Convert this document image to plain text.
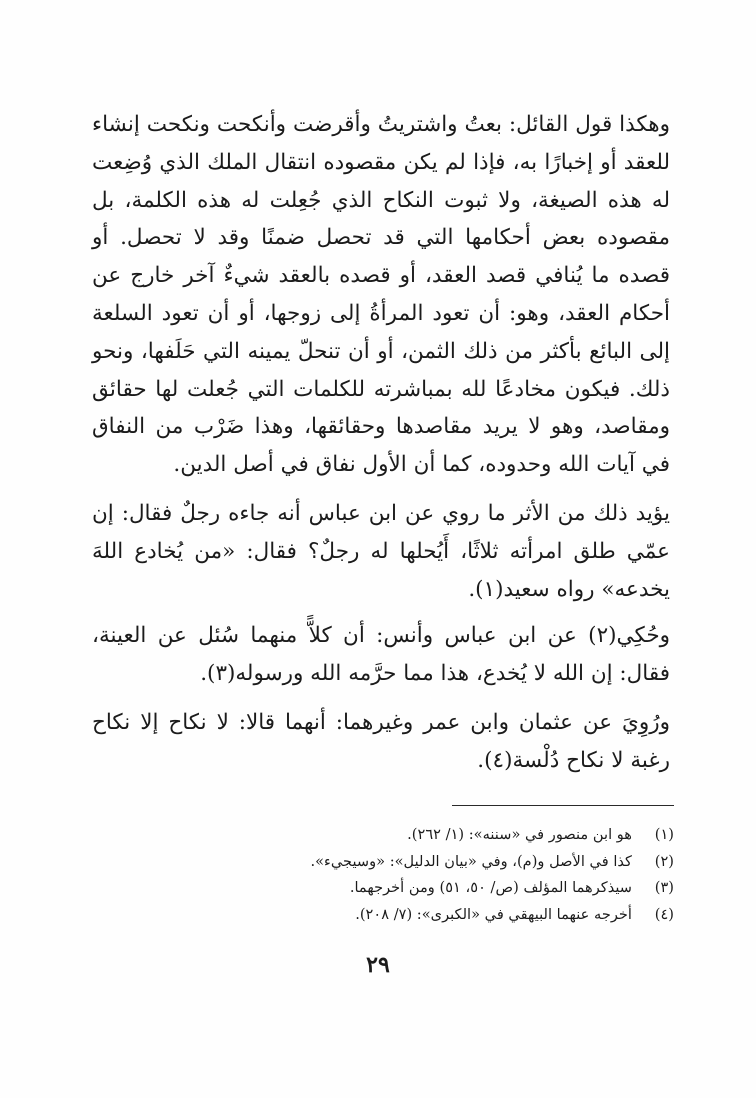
وهكذا قول القائل: بعتُ واشتريتُ وأقرضت وأنكحت ونكحت إنشاء للعقد أو إخبارًا به، فإذا لم يكن مقصوده انتقال الملك الذي وُضِعت له هذه الصيغة، ولا ثبوت النكاح الذي جُعِلت له هذه الكلمة، بل مقصوده بعض أحكامها التي قد تحصل ضمنًا وقد لا تحصل. أو قصده ما يُنافي قصد العقد، أو قصده بالعقد شيءٌ آخر خارج عن أحكام العقد، وهو: أن تعود المرأةُ إلى زوجها، أو أن تعود السلعة إلى البائع بأكثر من ذلك الثمن، أو أن تنحلّ يمينه التي حَلَفها، ونحو ذلك. فيكون مخادعًا لله بمباشرته للكلمات التي جُعلت لها حقائق ومقاصد، وهو لا يريد مقاصدها وحقائقها، وهذا ضَرْب من النفاق في آيات الله وحدوده، كما أن الأول نفاق في أصل الدين.

يؤيد ذلك من الأثر ما روي عن ابن عباس أنه جاءه رجلٌ فقال: إن عمّي طلق امرأته ثلاثًا، أَيُحلها له رجلٌ؟ فقال: «من يُخادع اللهَ يخدعه» رواه سعيد(١).

وحُكِي(٢) عن ابن عباس وأنس: أن كلاًّ منهما سُئل عن العينة، فقال: إن الله لا يُخدع، هذا مما حرَّمه الله ورسوله(٣).

ورُوِيَ عن عثمان وابن عمر وغيرهما: أنهما قالا: لا نكاح إلا نكاح رغبة لا نكاح دُلْسة(٤).

(١)هو ابن منصور في «سننه»: (١/ ٢٦٢).
(٢)كذا في الأصل و(م)، وفي «بيان الدليل»: «وسيجيء».
(٣)سيذكرهما المؤلف (ص/ ٥٠، ٥١) ومن أخرجهما.
(٤)أخرجه عنهما البيهقي في «الكبرى»: (٧/ ٢٠٨).
٢٩
